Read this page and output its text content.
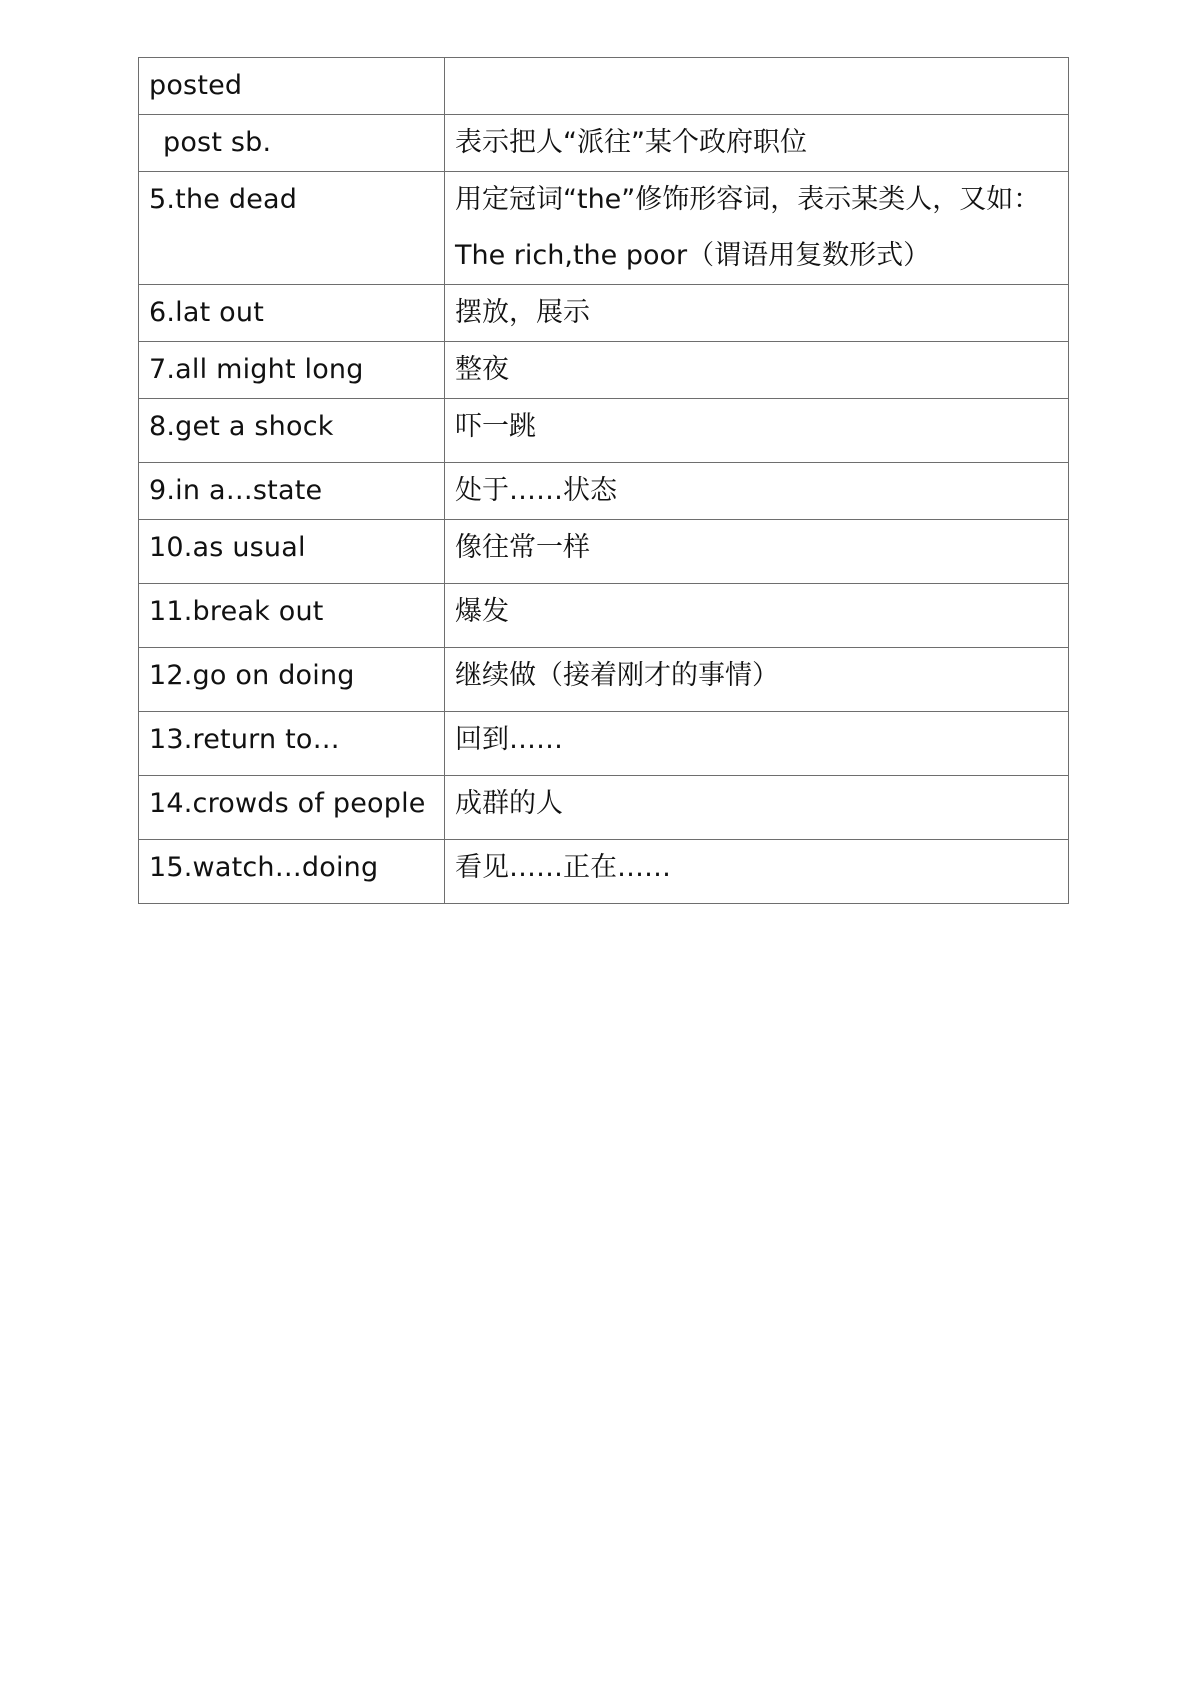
posted	

post sb.	表示把人“派往”某个政府职位

5.the dead	用定冠词“the”修饰形容词，表示某类人，又如：
The rich,the poor（谓语用复数形式）

6.lat out	摆放，展示

7.all might long	整夜

8.get a shock	吓一跳

9.in a…state	处于……状态

10.as usual	像往常一样

11.break out	爆发

12.go on doing	继续做（接着刚才的事情）

13.return to…	回到……

14.crowds of people	成群的人

15.watch…doing	看见……正在……
